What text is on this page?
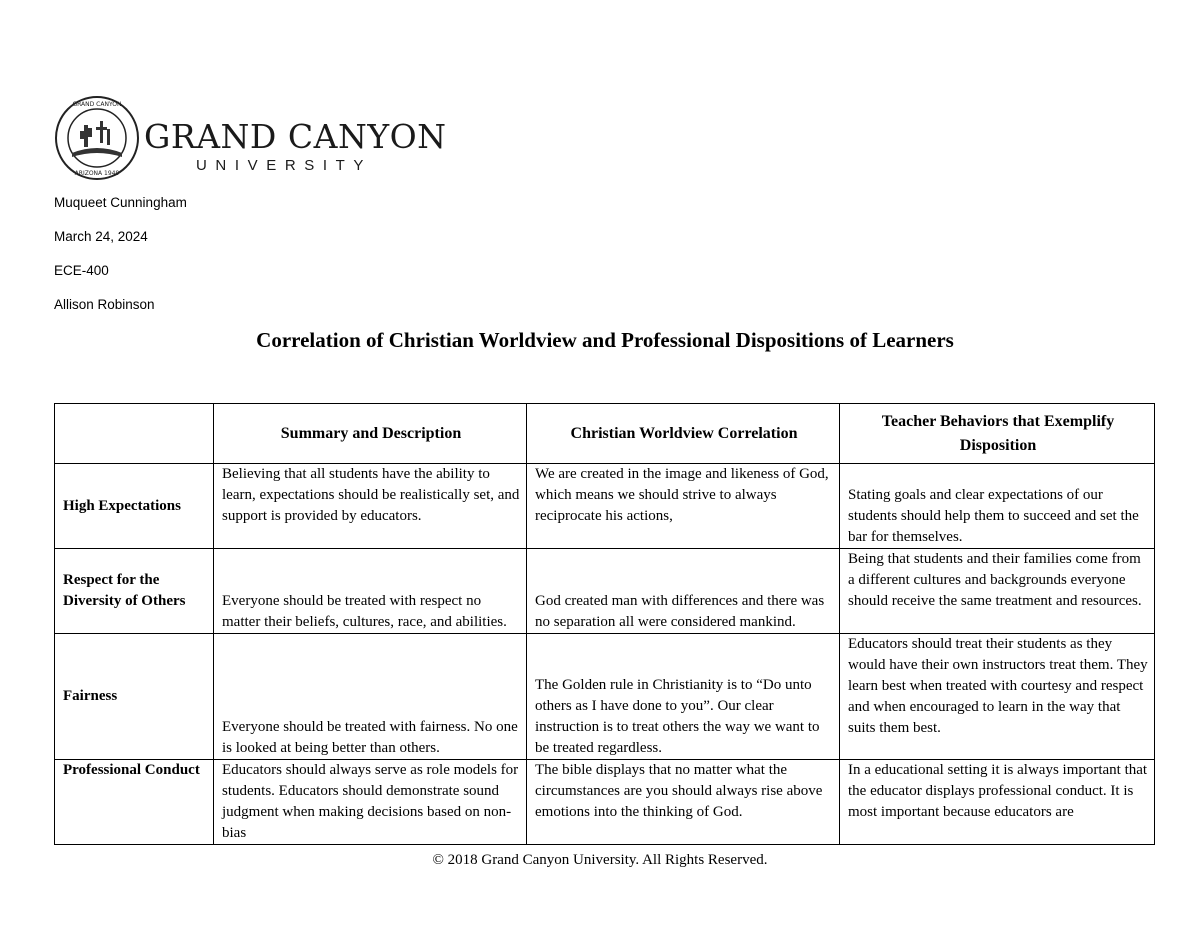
GRAND CANYON
ARIZONA 1949
GRAND CANYON
UNIVERSITY
Muqueet Cunningham
March 24, 2024
ECE-400
Allison Robinson
Correlation of Christian Worldview and Professional Dispositions of Learners
	Summary and Description	Christian Worldview Correlation	Teacher Behaviors that Exemplify Disposition
High Expectations	Believing that all students have the ability to learn, expectations should be realistically set, and support is provided by educators.	We are created in the image and likeness of God, which means we should strive to always reciprocate his actions,	Stating goals and clear expectations of our students should help them to succeed and set the bar for themselves.
Respect for the Diversity of Others	Everyone should be treated with respect no matter their beliefs, cultures, race, and abilities.	God created man with differences and there was no separation all were considered mankind.	Being that students and their families come from a different cultures and backgrounds everyone should receive the same treatment and resources.
Fairness	Everyone should be treated with fairness. No one is looked at being better than others.	The Golden rule in Christianity is to “Do unto others as I have done to you”. Our clear instruction is to treat others the way we want to be treated regardless.	Educators should treat their students as they would have their own instructors treat them. They learn best when treated with courtesy and respect and when encouraged to learn in the way that suits them best.
Professional Conduct	Educators should always serve as role models for students. Educators should demonstrate sound judgment when making decisions based on non-bias	The bible displays that no matter what the circumstances are you should always rise above emotions into the thinking of God.	In a educational setting it is always important that the educator displays professional conduct. It is most important because educators are
© 2018 Grand Canyon University. All Rights Reserved.
